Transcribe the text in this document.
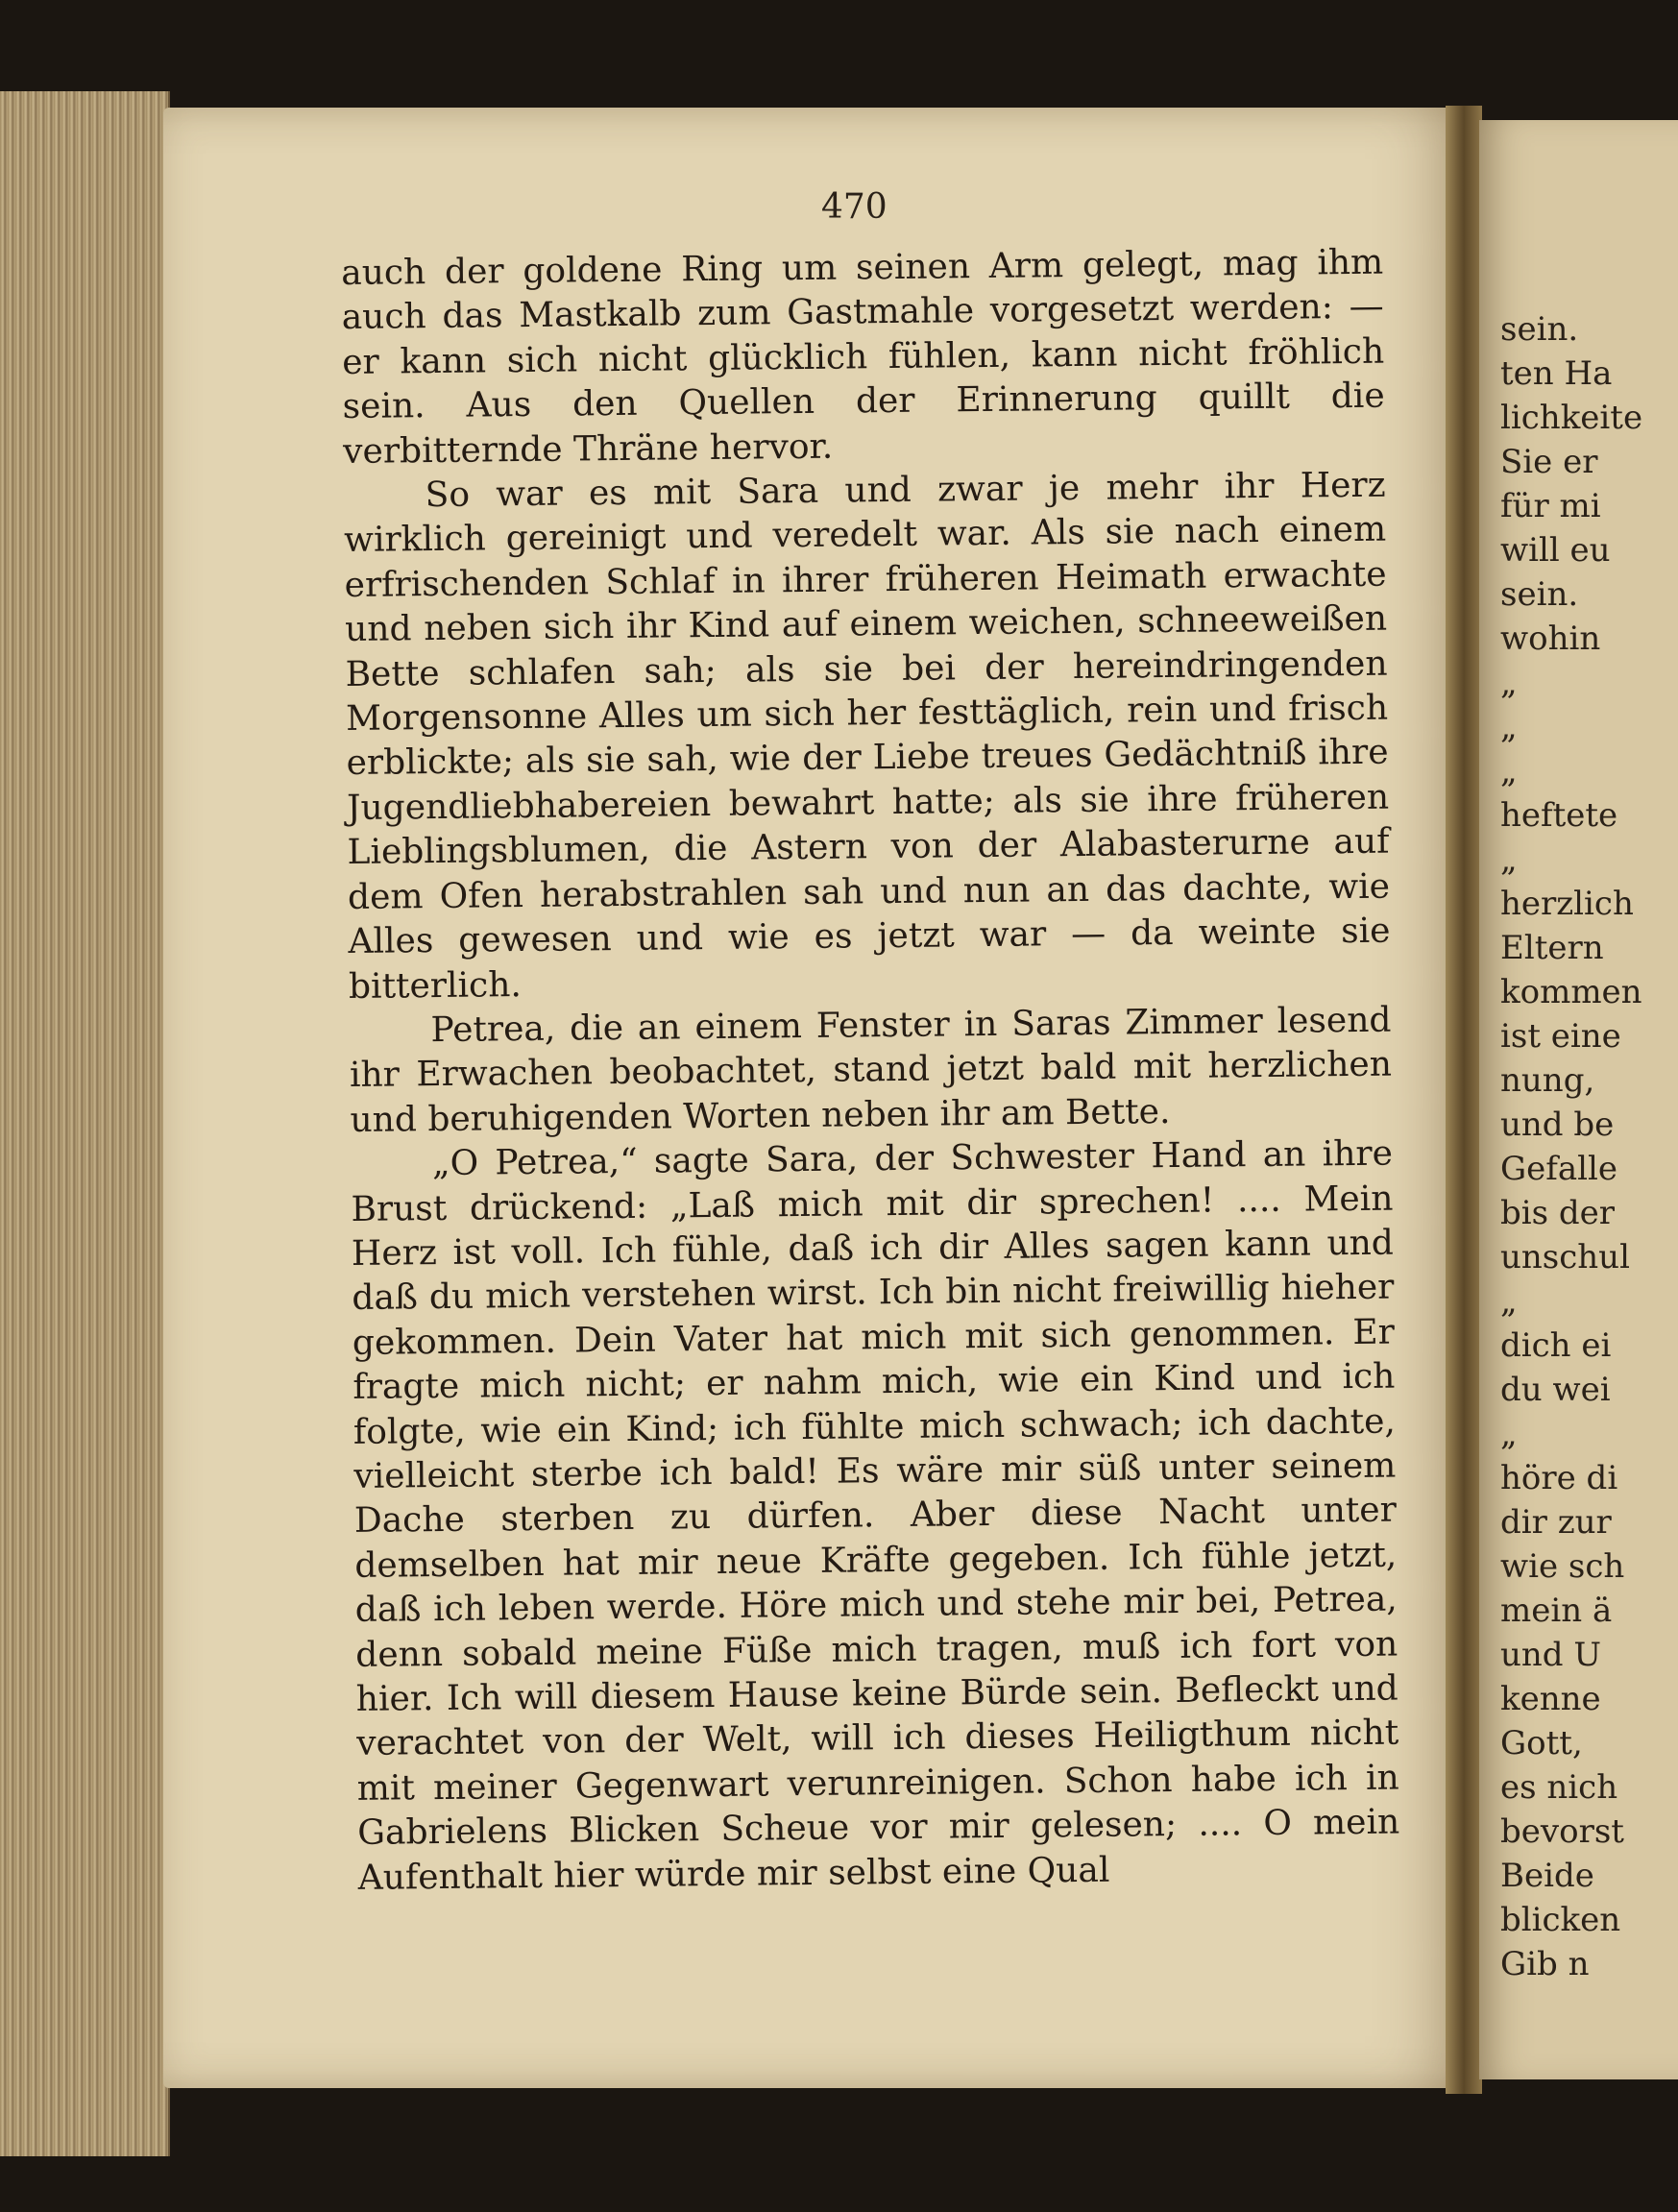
470

auch der goldene Ring um seinen Arm gelegt, mag ihm auch das Mastkalb zum Gastmahle vorgesetzt werden: — er kann sich nicht glücklich fühlen, kann nicht fröhlich sein. Aus den Quellen der Erinnerung quillt die verbitternde Thräne hervor.

So war es mit Sara und zwar je mehr ihr Herz wirklich gereinigt und veredelt war. Als sie nach einem erfrischenden Schlaf in ihrer früheren Heimath erwachte und neben sich ihr Kind auf einem weichen, schneeweißen Bette schlafen sah; als sie bei der hereindringenden Morgensonne Alles um sich her festtäglich, rein und frisch erblickte; als sie sah, wie der Liebe treues Gedächtniß ihre Jugendliebhabereien bewahrt hatte; als sie ihre früheren Lieblingsblumen, die Astern von der Alabasterurne auf dem Ofen herabstrahlen sah und nun an das dachte, wie Alles gewesen und wie es jetzt war — da weinte sie bitterlich.

Petrea, die an einem Fenster in Saras Zimmer lesend ihr Erwachen beobachtet, stand jetzt bald mit herzlichen und beruhigenden Worten neben ihr am Bette.

„O Petrea,“ sagte Sara, der Schwester Hand an ihre Brust drückend: „Laß mich mit dir sprechen! .... Mein Herz ist voll. Ich fühle, daß ich dir Alles sagen kann und daß du mich verstehen wirst. Ich bin nicht freiwillig hieher gekommen. Dein Vater hat mich mit sich genommen. Er fragte mich nicht; er nahm mich, wie ein Kind und ich folgte, wie ein Kind; ich fühlte mich schwach; ich dachte, vielleicht sterbe ich bald! Es wäre mir süß unter seinem Dache sterben zu dürfen. Aber diese Nacht unter demselben hat mir neue Kräfte gegeben. Ich fühle jetzt, daß ich leben werde. Höre mich und stehe mir bei, Petrea, denn sobald meine Füße mich tragen, muß ich fort von hier. Ich will diesem Hause keine Bürde sein. Befleckt und verachtet von der Welt, will ich dieses Heiligthum nicht mit meiner Gegenwart verunreinigen. Schon habe ich in Gabrielens Blicken Scheue vor mir gelesen; .... O mein Aufenthalt hier würde mir selbst eine Qual

sein.
ten Ha
lichkeite
Sie er
für mi
will eu
sein.
wohin
„
„
„
heftete
„
herzlich
Eltern
kommen
ist eine
nung,
und be
Gefalle
bis der
unschul
„
dich ei
du wei
„
höre di
dir zur
wie sch
mein ä
und U
kenne
Gott,
es nich
bevorst
Beide
blicken
Gib n
